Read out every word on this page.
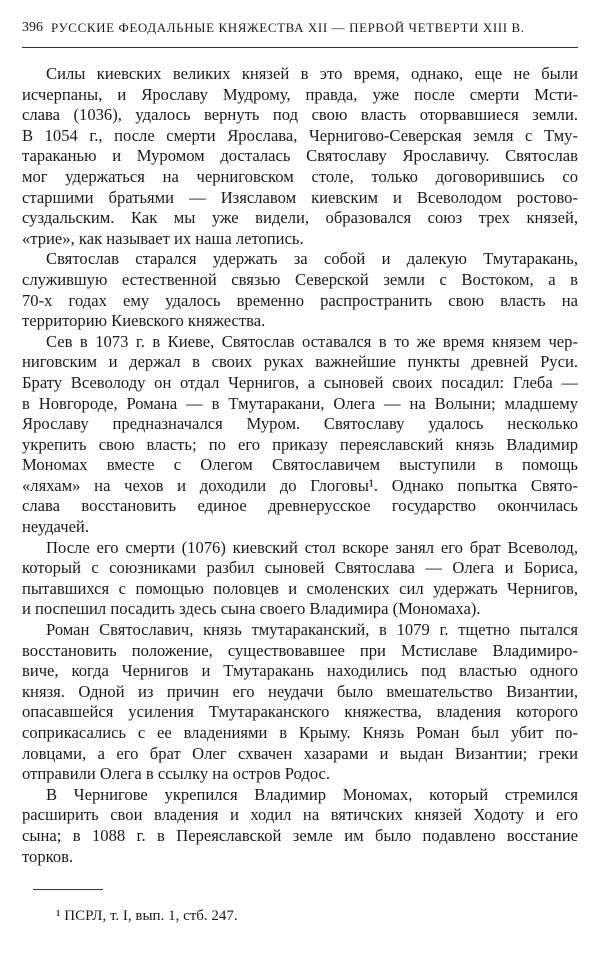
396 РУССКИЕ ФЕОДАЛЬНЫЕ КНЯЖЕСТВА XII — ПЕРВОЙ ЧЕТВЕРТИ XIII В.
Силы киевских великих князей в это время, однако, еще не были
исчерпаны, и Ярославу Мудрому, правда, уже после смерти Мсти-
слава (1036), удалось вернуть под свою власть оторвавшиеся земли.
В 1054 г., после смерти Ярослава, Чернигово-Северская земля с Тму-
тараканью и Муромом досталась Святославу Ярославичу. Святослав
мог удержаться на черниговском столе, только договорившись со
старшими братьями — Изяславом киевским и Всеволодом ростово-
суздальским. Как мы уже видели, образовался союз трех князей,
«трие», как называет их наша летопись.
Святослав старался удержать за собой и далекую Тмутаракань,
служившую естественной связью Северской земли с Востоком, а в
70-х годах ему удалось временно распространить свою власть на
территорию Киевского княжества.
Сев в 1073 г. в Киеве, Святослав оставался в то же время князем чер-
ниговским и держал в своих руках важнейшие пункты древней Руси.
Брату Всеволоду он отдал Чернигов, а сыновей своих посадил: Глеба —
в Новгороде, Романа — в Тмутаракани, Олега — на Волыни; младшему
Ярославу предназначался Муром. Святославу удалось несколько
укрепить свою власть; по его приказу переяславский князь Владимир
Мономах вместе с Олегом Святославичем выступили в помощь
«ляхам» на чехов и доходили до Глоговы¹. Однако попытка Свято-
слава восстановить единое древнерусское государство окончилась
неудачей.
После его смерти (1076) киевский стол вскоре занял его брат Всеволод,
который с союзниками разбил сыновей Святослава — Олега и Бориса,
пытавшихся с помощью половцев и смоленских сил удержать Чернигов,
и поспешил посадить здесь сына своего Владимира (Мономаха).
Роман Святославич, князь тмутараканский, в 1079 г. тщетно пытался
восстановить положение, существовавшее при Мстиславе Владимиро-
виче, когда Чернигов и Тмутаракань находились под властью одного
князя. Одной из причин его неудачи было вмешательство Византии,
опасавшейся усиления Тмутараканского княжества, владения которого
соприкасались с ее владениями в Крыму. Князь Роман был убит по-
ловцами, а его брат Олег схвачен хазарами и выдан Византии; греки
отправили Олега в ссылку на остров Родос.
В Чернигове укрепился Владимир Мономах, который стремился
расширить свои владения и ходил на вятичских князей Ходоту и его
сына; в 1088 г. в Переяславской земле им было подавлено восстание
торков.
¹ ПСРЛ, т. I, вып. 1, стб. 247.
